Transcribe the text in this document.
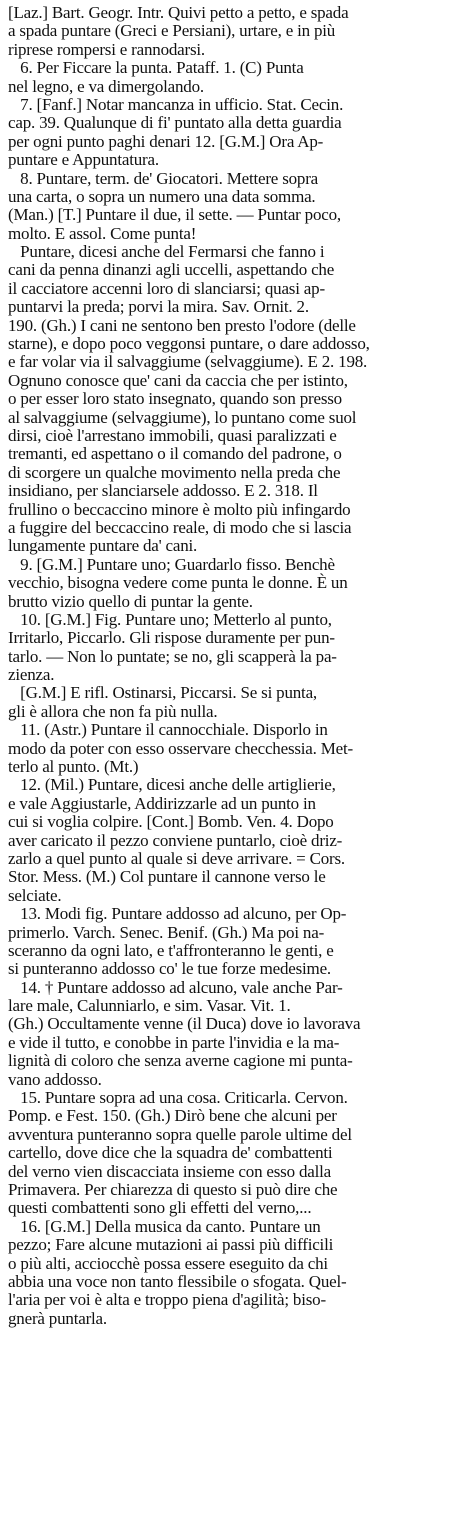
[Laz.] Bart. Geogr. Intr. Quivi petto a petto, e spada
a spada puntare (Greci e Persiani), urtare, e in più
riprese rompersi e rannodarsi.
6. Per Ficcare la punta. Pataff. 1. (C) Punta
nel legno, e va dimergolando.
7. [Fanf.] Notar mancanza in ufficio. Stat. Cecin.
cap. 39. Qualunque di fi' puntato alla detta guardia
per ogni punto paghi denari 12. [G.M.] Ora Ap-
puntare e Appuntatura.
8. Puntare, term. de' Giocatori. Mettere sopra
una carta, o sopra un numero una data somma.
(Man.) [T.] Puntare il due, il sette. — Puntar poco,
molto. E assol. Come punta!
Puntare, dicesi anche del Fermarsi che fanno i
cani da penna dinanzi agli uccelli, aspettando che
il cacciatore accenni loro di slanciarsi; quasi ap-
puntarvi la preda; porvi la mira. Sav. Ornit. 2.
190. (Gh.) I cani ne sentono ben presto l'odore (delle
starne), e dopo poco veggonsi puntare, o dare addosso,
e far volar via il salvaggiume (selvaggiume). E 2. 198.
Ognuno conosce que' cani da caccia che per istinto,
o per esser loro stato insegnato, quando son presso
al salvaggiume (selvaggiume), lo puntano come suol
dirsi, cioè l'arrestano immobili, quasi paralizzati e
tremanti, ed aspettano o il comando del padrone, o
di scorgere un qualche movimento nella preda che
insidiano, per slanciarsele addosso. E 2. 318. Il
frullino o beccaccino minore è molto più infingardo
a fuggire del beccaccino reale, di modo che si lascia
lungamente puntare da' cani.
9. [G.M.] Puntare uno; Guardarlo fisso. Benchè
vecchio, bisogna vedere come punta le donne. È un
brutto vizio quello di puntar la gente.
10. [G.M.] Fig. Puntare uno; Metterlo al punto,
Irritarlo, Piccarlo. Gli rispose duramente per pun-
tarlo. — Non lo puntate; se no, gli scapperà la pa-
zienza.
[G.M.] E rifl. Ostinarsi, Piccarsi. Se si punta,
gli è allora che non fa più nulla.
11. (Astr.) Puntare il cannocchiale. Disporlo in
modo da poter con esso osservare checchessia. Met-
terlo al punto. (Mt.)
12. (Mil.) Puntare, dicesi anche delle artiglierie,
e vale Aggiustarle, Addirizzarle ad un punto in
cui si voglia colpire. [Cont.] Bomb. Ven. 4. Dopo
aver caricato il pezzo conviene puntarlo, cioè driz-
zarlo a quel punto al quale si deve arrivare. = Cors.
Stor. Mess. (M.) Col puntare il cannone verso le
selciate.
13. Modi fig. Puntare addosso ad alcuno, per Op-
primerlo. Varch. Senec. Benif. (Gh.) Ma poi na-
sceranno da ogni lato, e t'affronteranno le genti, e
si punteranno addosso co' le tue forze medesime.
14. † Puntare addosso ad alcuno, vale anche Par-
lare male, Calunniarlo, e sim. Vasar. Vit. 1.
(Gh.) Occultamente venne (il Duca) dove io lavorava
e vide il tutto, e conobbe in parte l'invidia e la ma-
lignità di coloro che senza averne cagione mi punta-
vano addosso.
15. Puntare sopra ad una cosa. Criticarla. Cervon.
Pomp. e Fest. 150. (Gh.) Dirò bene che alcuni per
avventura punteranno sopra quelle parole ultime del
cartello, dove dice che la squadra de' combattenti
del verno vien discacciata insieme con esso dalla
Primavera. Per chiarezza di questo si può dire che
questi combattenti sono gli effetti del verno,...
16. [G.M.] Della musica da canto. Puntare un
pezzo; Fare alcune mutazioni ai passi più difficili
o più alti, acciocchè possa essere eseguito da chi
abbia una voce non tanto flessibile o sfogata. Quel-
l'aria per voi è alta e troppo piena d'agilità; biso-
gnerà puntarla.
